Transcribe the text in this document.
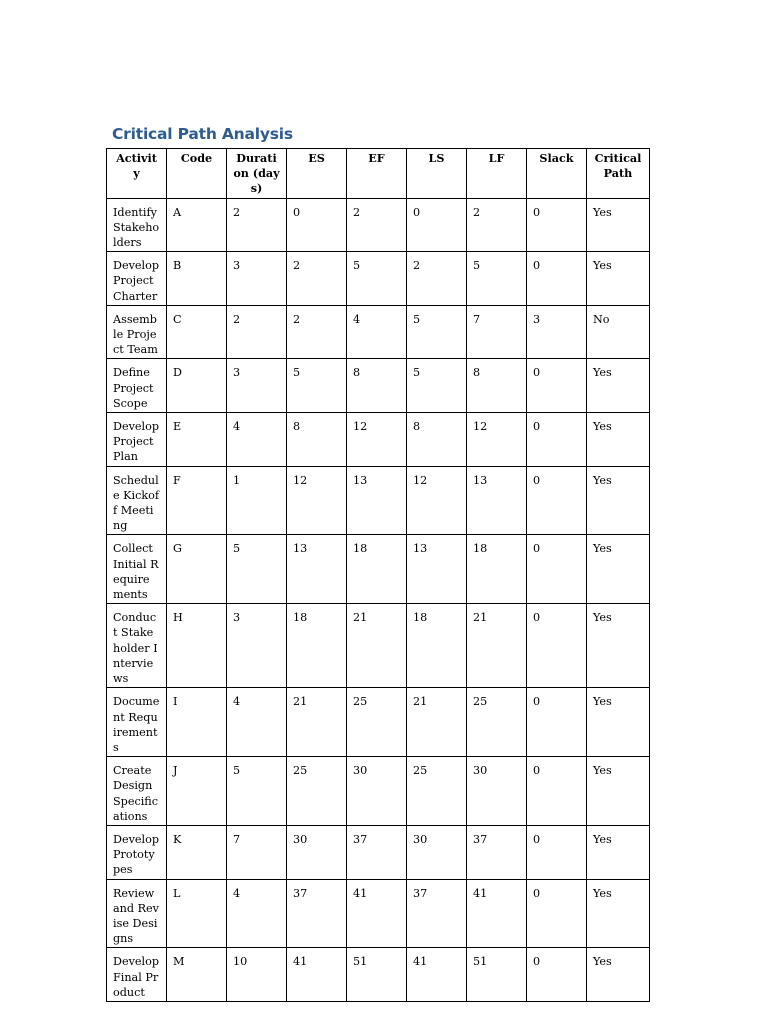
Critical Path Analysis
Activity	Code	Duration (days)	ES	EF	LS	LF	Slack	Critical Path
Identify Stakeholders	A	2	0	2	0	2	0	Yes
Develop Project Charter	B	3	2	5	2	5	0	Yes
Assemble Project Team	C	2	2	4	5	7	3	No
Define Project Scope	D	3	5	8	5	8	0	Yes
Develop Project Plan	E	4	8	12	8	12	0	Yes
Schedule Kickoff Meeting	F	1	12	13	12	13	0	Yes
Collect Initial Requirements	G	5	13	18	13	18	0	Yes
Conduct Stakeholder Interviews	H	3	18	21	18	21	0	Yes
Document Requirements	I	4	21	25	21	25	0	Yes
Create Design Specifications	J	5	25	30	25	30	0	Yes
Develop Prototypes	K	7	30	37	30	37	0	Yes
Review and Revise Designs	L	4	37	41	37	41	0	Yes
Develop Final Product	M	10	41	51	41	51	0	Yes
